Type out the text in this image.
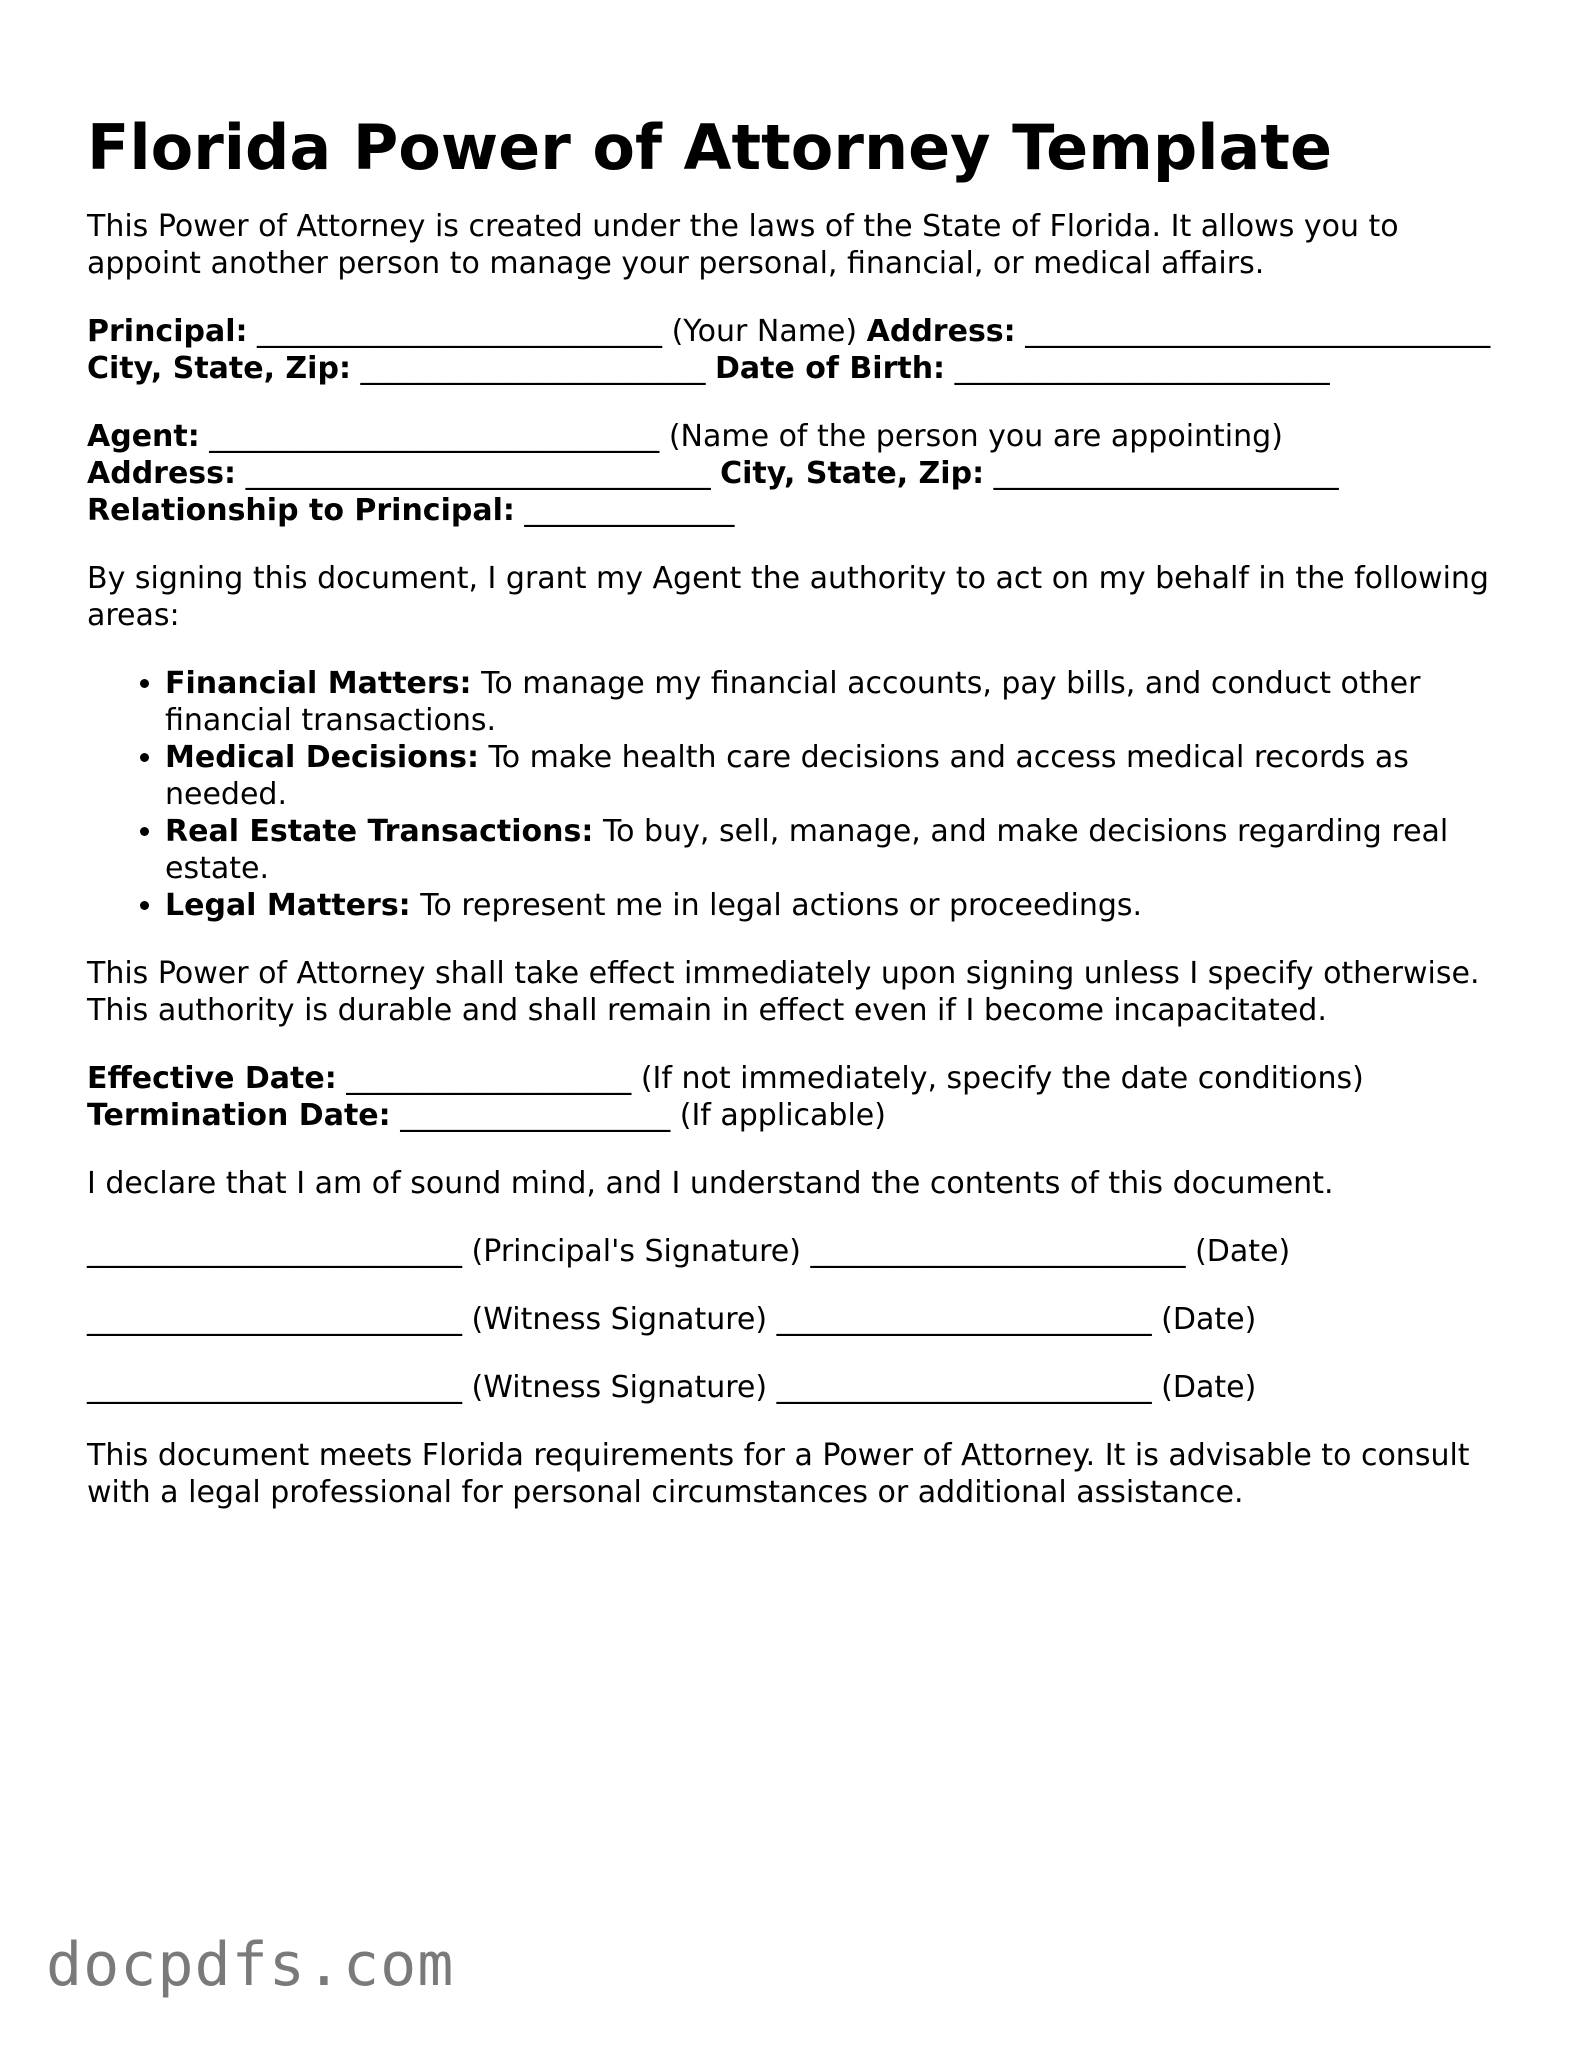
Florida Power of Attorney Template

This Power of Attorney is created under the laws of the State of Florida. It allows you to appoint another person to manage your personal, financial, or medical affairs.

Principal: ___________________________ (Your Name) Address: _______________________________ City, State, Zip: _______________________ Date of Birth: _________________________

Agent: ______________________________ (Name of the person you are appointing)
Address: _______________________________ City, State, Zip: _______________________
Relationship to Principal: ______________

By signing this document, I grant my Agent the authority to act on my behalf in the following areas:

• Financial Matters: To manage my financial accounts, pay bills, and conduct other financial transactions.
• Medical Decisions: To make health care decisions and access medical records as needed.
• Real Estate Transactions: To buy, sell, manage, and make decisions regarding real estate.
• Legal Matters: To represent me in legal actions or proceedings.

This Power of Attorney shall take effect immediately upon signing unless I specify otherwise. This authority is durable and shall remain in effect even if I become incapacitated.

Effective Date: ___________________ (If not immediately, specify the date conditions)
Termination Date: __________________ (If applicable)

I declare that I am of sound mind, and I understand the contents of this document.

_________________________ (Principal's Signature) _________________________ (Date)
_________________________ (Witness Signature) _________________________ (Date)
_________________________ (Witness Signature) _________________________ (Date)

This document meets Florida requirements for a Power of Attorney. It is advisable to consult with a legal professional for personal circumstances or additional assistance.

docpdfs.com
